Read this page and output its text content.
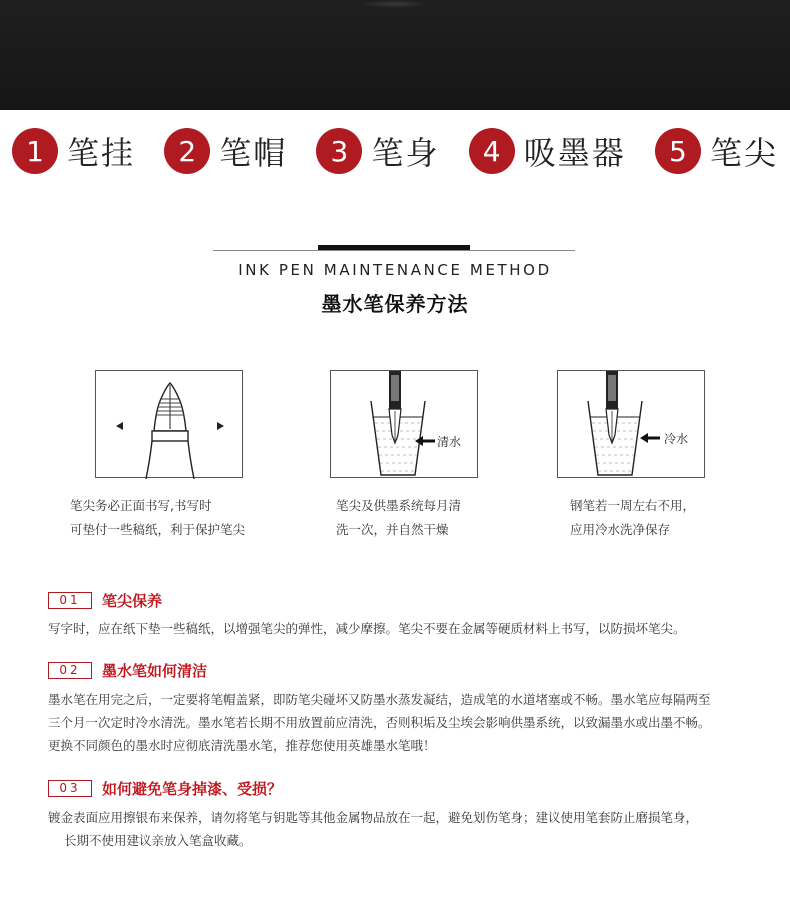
1 笔挂	2 笔帽	3 笔身	4 吸墨器	5 笔尖
INK PEN MAINTENANCE METHOD
墨水笔保养方法
笔尖务必正面书写,书写时
可垫付一些稿纸，利于保护笔尖
清水
笔尖及供墨系统每月清
洗一次，并自然干燥
冷水
钢笔若一周左右不用，
应用冷水洗净保存
01	笔尖保养
写字时，应在纸下垫一些稿纸，以增强笔尖的弹性，减少摩擦。笔尖不要在金属等硬质材料上书写，以防损坏笔尖。
02	墨水笔如何清洁
墨水笔在用完之后，一定要将笔帽盖紧，即防笔尖碰坏又防墨水蒸发凝结，造成笔的水道堵塞或不畅。墨水笔应每隔两至
三个月一次定时冷水清洗。墨水笔若长期不用放置前应清洗，否则积垢及尘埃会影响供墨系统，以致漏墨水或出墨不畅。
更换不同颜色的墨水时应彻底清洗墨水笔，推荐您使用英雄墨水笔哦！
03	如何避免笔身掉漆、受损？
镀金表面应用擦银布来保养，请勿将笔与钥匙等其他金属物品放在一起，避免划伤笔身；建议使用笔套防止磨损笔身，
长期不使用建议亲放入笔盒收藏。
